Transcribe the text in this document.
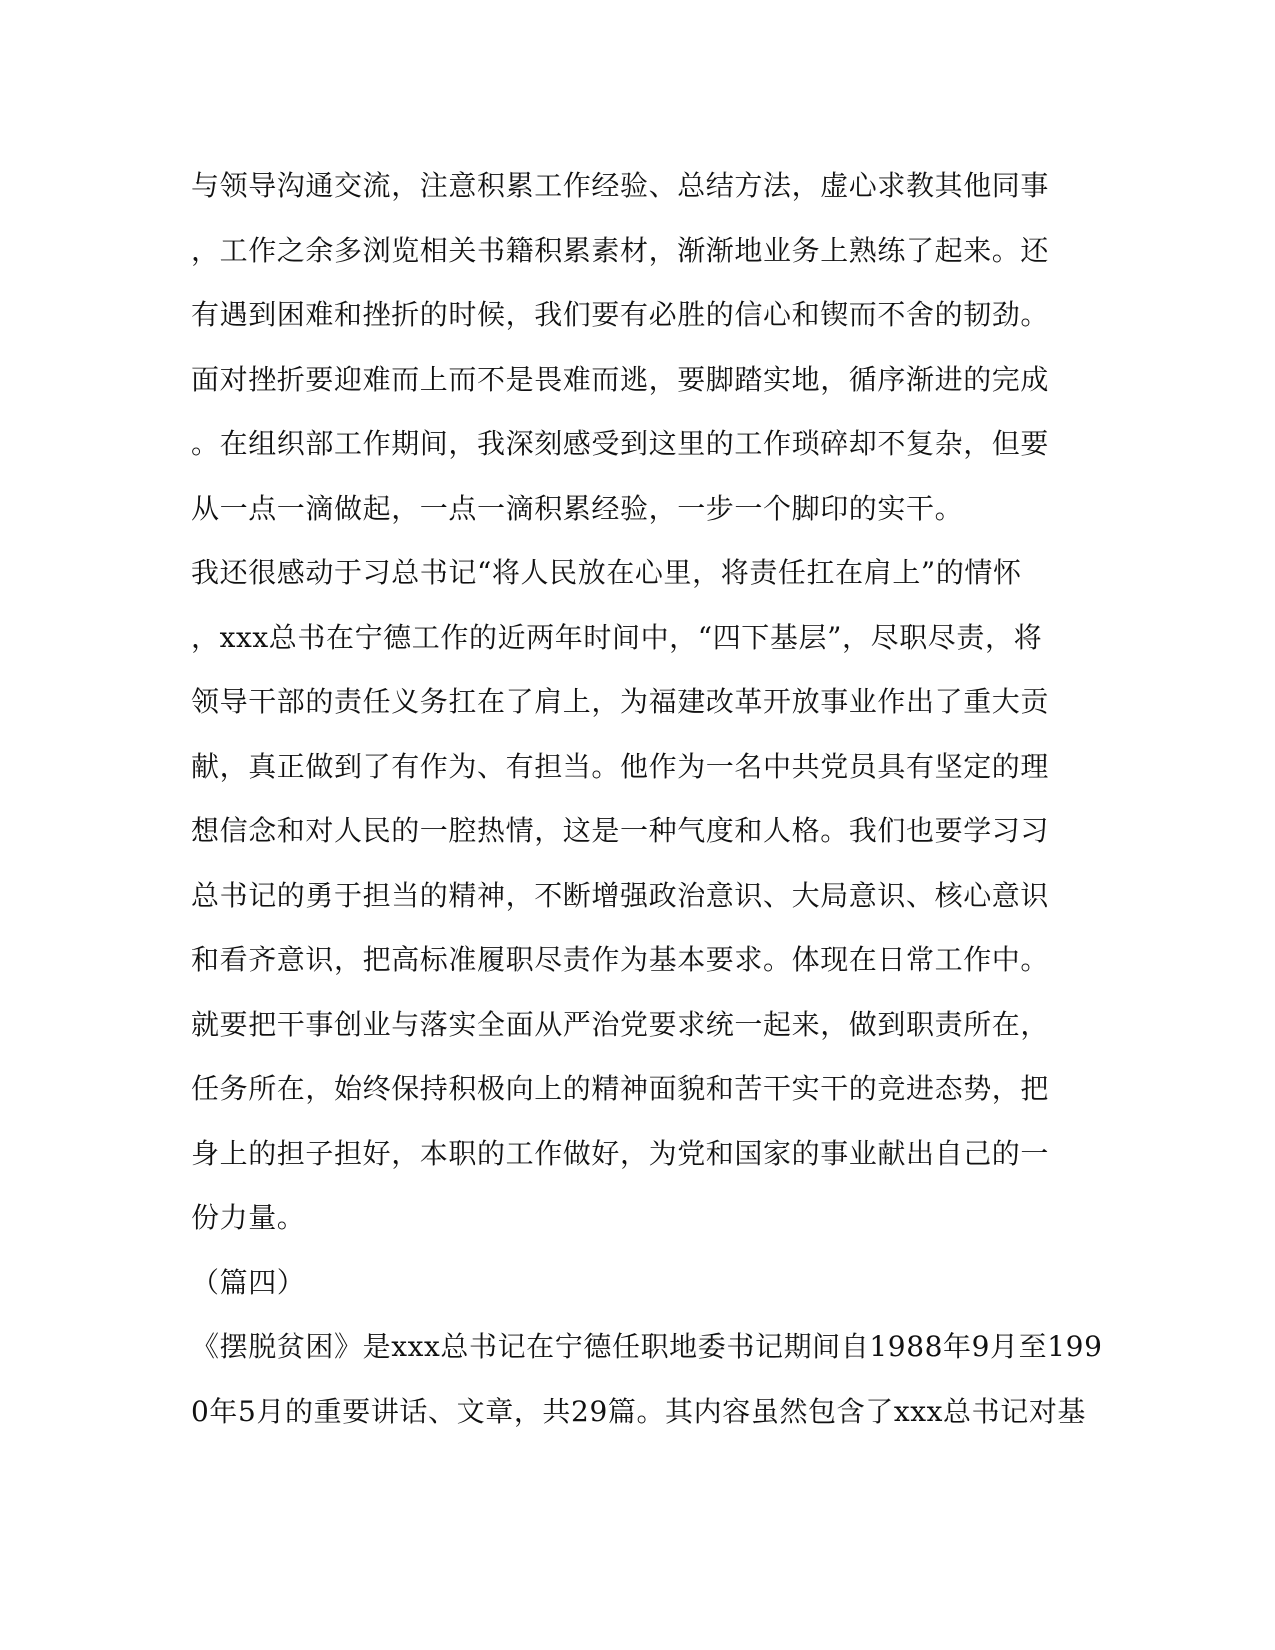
与领导沟通交流，注意积累工作经验、总结方法，虚心求教其他同事
，工作之余多浏览相关书籍积累素材，渐渐地业务上熟练了起来。还
有遇到困难和挫折的时候，我们要有必胜的信心和锲而不舍的韧劲。
面对挫折要迎难而上而不是畏难而逃，要脚踏实地，循序渐进的完成
。在组织部工作期间，我深刻感受到这里的工作琐碎却不复杂，但要
从一点一滴做起，一点一滴积累经验，一步一个脚印的实干。
我还很感动于习总书记“将人民放在心里，将责任扛在肩上”的情怀
，xxx总书在宁德工作的近两年时间中，“四下基层”，尽职尽责，将
领导干部的责任义务扛在了肩上，为福建改革开放事业作出了重大贡
献，真正做到了有作为、有担当。他作为一名中共党员具有坚定的理
想信念和对人民的一腔热情，这是一种气度和人格。我们也要学习习
总书记的勇于担当的精神，不断增强政治意识、大局意识、核心意识
和看齐意识，把高标准履职尽责作为基本要求。体现在日常工作中。
就要把干事创业与落实全面从严治党要求统一起来，做到职责所在，
任务所在，始终保持积极向上的精神面貌和苦干实干的竞进态势，把
身上的担子担好，本职的工作做好，为党和国家的事业献出自己的一
份力量。
（篇四）
《摆脱贫困》是xxx总书记在宁德任职地委书记期间自1988年9月至199
0年5月的重要讲话、文章，共29篇。其内容虽然包含了xxx总书记对基
